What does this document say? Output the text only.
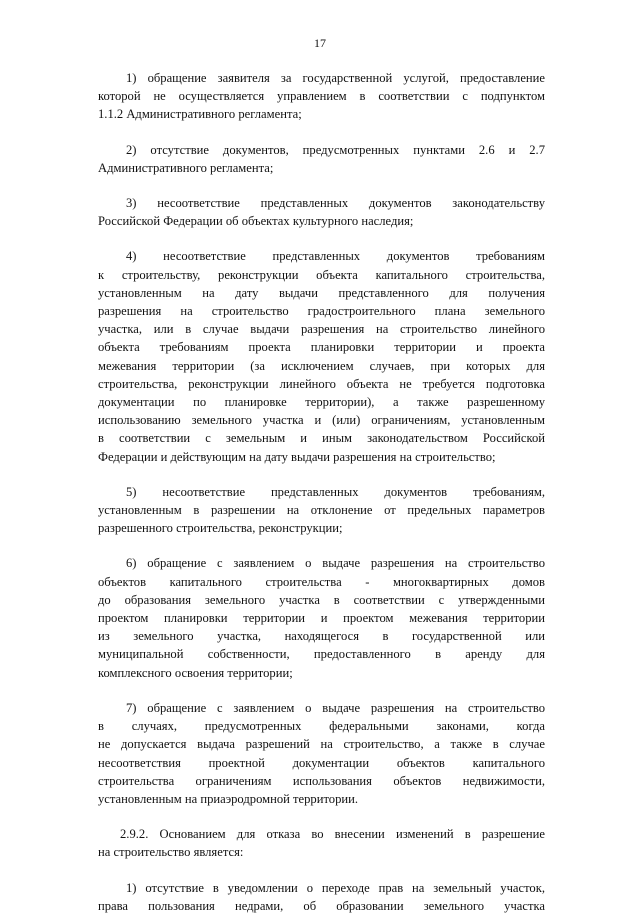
17

1) обращение заявителя за государственной услугой, предоставление
которой не осуществляется управлением в соответствии с подпунктом
1.1.2 Административного регламента;

2) отсутствие документов, предусмотренных пунктами 2.6 и 2.7
Административного регламента;

3) несоответствие представленных документов законодательству
Российской Федерации об объектах культурного наследия;

4) несоответствие представленных документов требованиям
к строительству, реконструкции объекта капитального строительства,
установленным на дату выдачи представленного для получения
разрешения на строительство градостроительного плана земельного
участка, или в случае выдачи разрешения на строительство линейного
объекта требованиям проекта планировки территории и проекта
межевания территории (за исключением случаев, при которых для
строительства, реконструкции линейного объекта не требуется подготовка
документации по планировке территории), а также разрешенному
использованию земельного участка и (или) ограничениям, установленным
в соответствии с земельным и иным законодательством Российской
Федерации и действующим на дату выдачи разрешения на строительство;

5) несоответствие представленных документов требованиям,
установленным в разрешении на отклонение от предельных параметров
разрешенного строительства, реконструкции;

6) обращение с заявлением о выдаче разрешения на строительство
объектов капитального строительства - многоквартирных домов
до образования земельного участка в соответствии с утвержденными
проектом планировки территории и проектом межевания территории
из земельного участка, находящегося в государственной или
муниципальной собственности, предоставленного в аренду для
комплексного освоения территории;

7) обращение с заявлением о выдаче разрешения на строительство
в случаях, предусмотренных федеральными законами, когда
не допускается выдача разрешений на строительство, а также в случае
несоответствия проектной документации объектов капитального
строительства ограничениям использования объектов недвижимости,
установленным на приаэродромной территории.

2.9.2. Основанием для отказа во внесении изменений в разрешение
на строительство является:

1) отсутствие в уведомлении о переходе прав на земельный участок,
права пользования недрами, об образовании земельного участка
